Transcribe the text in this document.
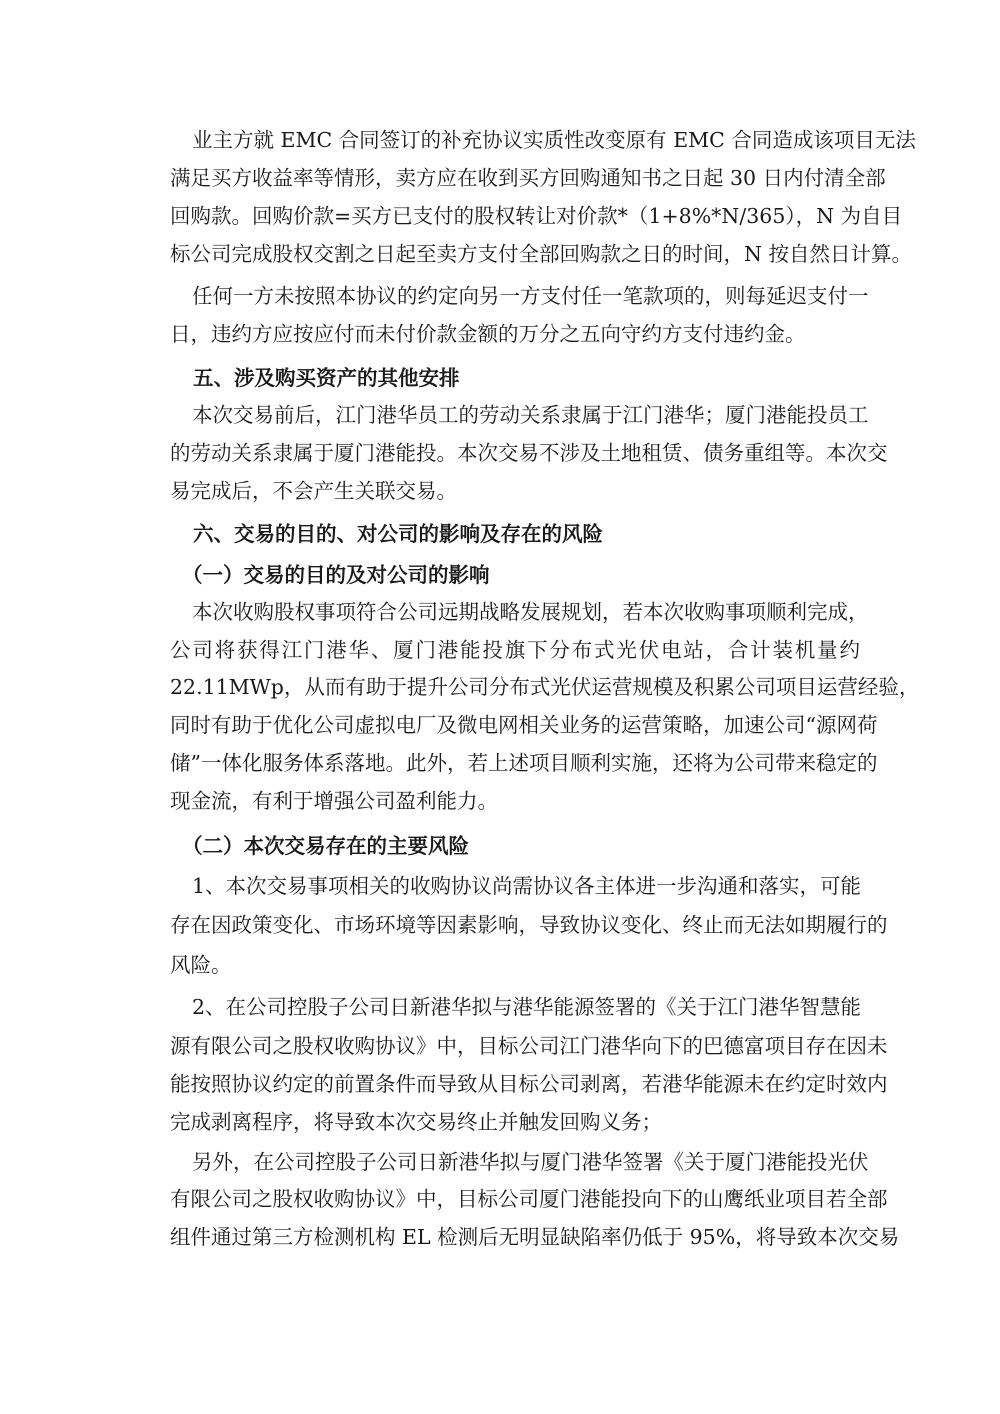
业主方就 EMC 合同签订的补充协议实质性改变原有 EMC 合同造成该项目无法
满足买方收益率等情形，卖方应在收到买方回购通知书之日起 30 日内付清全部
回购款。回购价款=买方已支付的股权转让对价款*（1+8%*N/365），N 为自目
标公司完成股权交割之日起至卖方支付全部回购款之日的时间，N 按自然日计算。
任何一方未按照本协议的约定向另一方支付任一笔款项的，则每延迟支付一
日，违约方应按应付而未付价款金额的万分之五向守约方支付违约金。
五、涉及购买资产的其他安排
本次交易前后，江门港华员工的劳动关系隶属于江门港华；厦门港能投员工
的劳动关系隶属于厦门港能投。本次交易不涉及土地租赁、债务重组等。本次交
易完成后，不会产生关联交易。
六、交易的目的、对公司的影响及存在的风险
（一）交易的目的及对公司的影响
本次收购股权事项符合公司远期战略发展规划，若本次收购事项顺利完成，
公司将获得江门港华、厦门港能投旗下分布式光伏电站，合计装机量约
22.11MWp，从而有助于提升公司分布式光伏运营规模及积累公司项目运营经验，
同时有助于优化公司虚拟电厂及微电网相关业务的运营策略，加速公司“源网荷
储”一体化服务体系落地。此外，若上述项目顺利实施，还将为公司带来稳定的
现金流，有利于增强公司盈利能力。
（二）本次交易存在的主要风险
1、本次交易事项相关的收购协议尚需协议各主体进一步沟通和落实，可能
存在因政策变化、市场环境等因素影响，导致协议变化、终止而无法如期履行的
风险。
2、在公司控股子公司日新港华拟与港华能源签署的《关于江门港华智慧能
源有限公司之股权收购协议》中，目标公司江门港华向下的巴德富项目存在因未
能按照协议约定的前置条件而导致从目标公司剥离，若港华能源未在约定时效内
完成剥离程序，将导致本次交易终止并触发回购义务；
另外，在公司控股子公司日新港华拟与厦门港华签署《关于厦门港能投光伏
有限公司之股权收购协议》中，目标公司厦门港能投向下的山鹰纸业项目若全部
组件通过第三方检测机构 EL 检测后无明显缺陷率仍低于 95%，将导致本次交易
